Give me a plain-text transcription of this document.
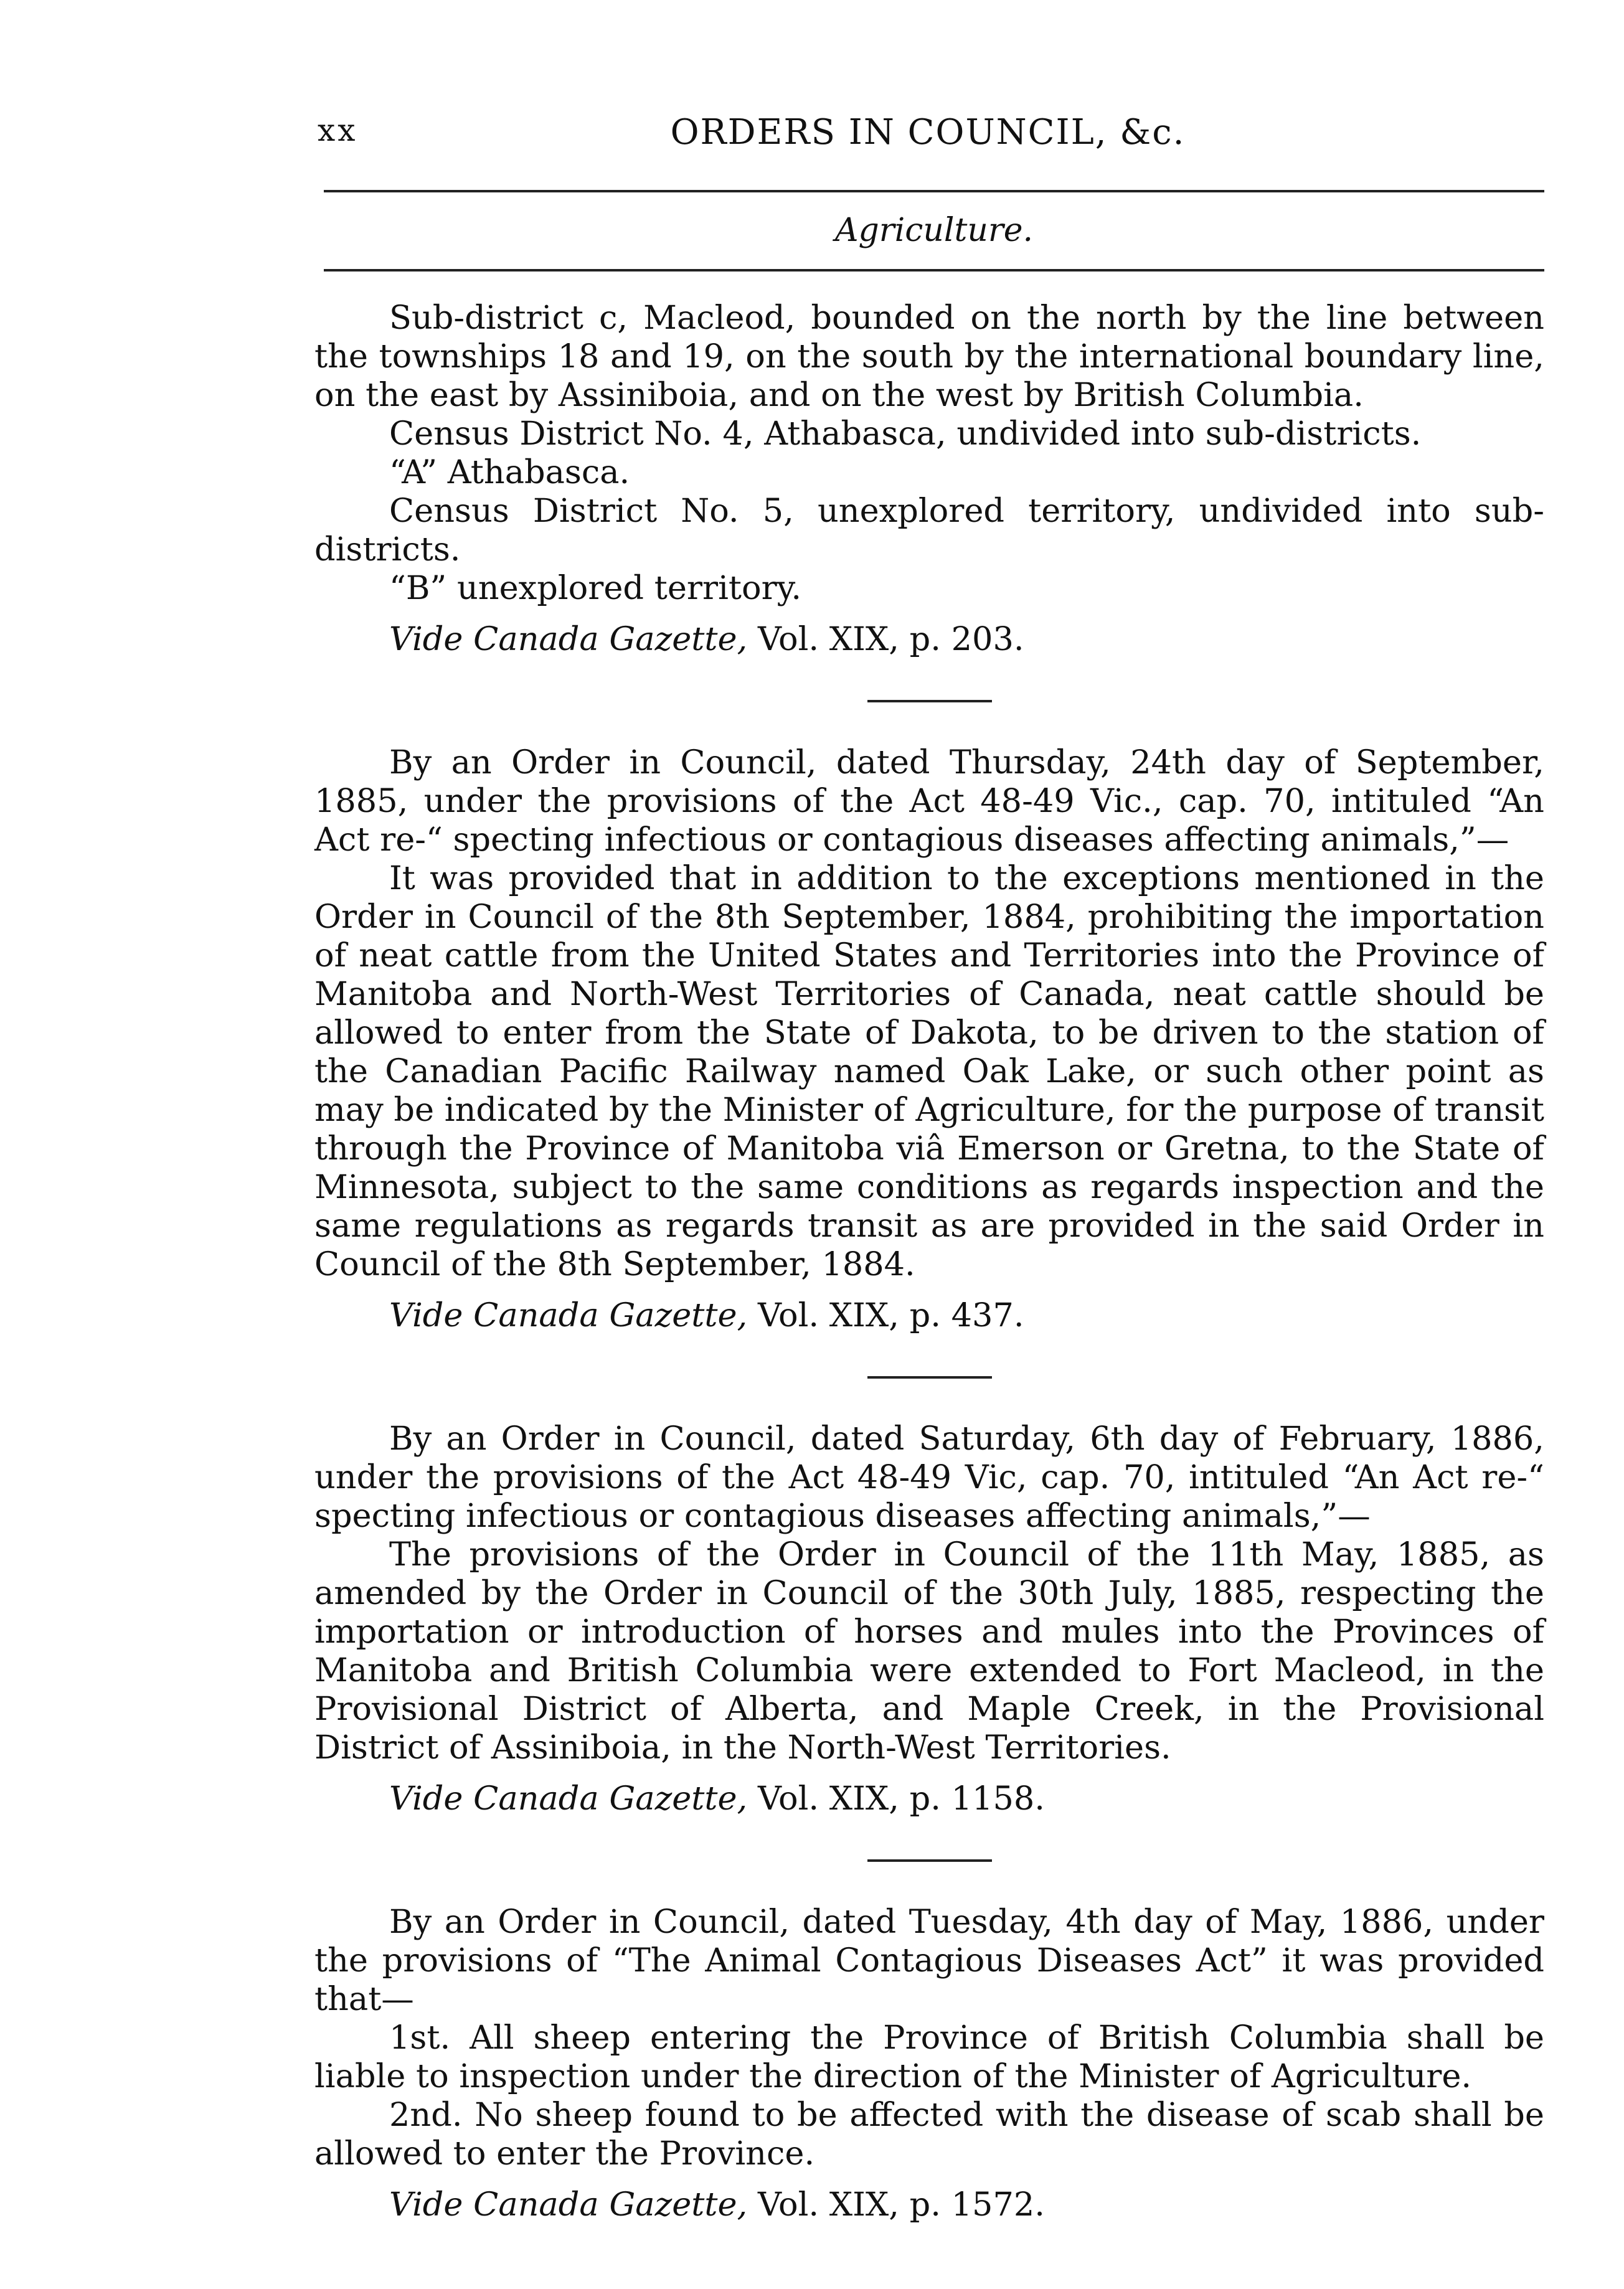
xx	ORDERS IN COUNCIL, &c.
Agriculture.

Sub-district c, Macleod, bounded on the north by the line between the townships 18 and 19, on the south by the international boundary line, on the east by Assiniboia, and on the west by British Columbia.

Census District No. 4, Athabasca, undivided into sub-districts.

“A” Athabasca.

Census District No. 5, unexplored territory, undivided into sub-districts.

“B” unexplored territory.

Vide Canada Gazette, Vol. XIX, p. 203.

By an Order in Council, dated Thursday, 24th day of September, 1885, under the provisions of the Act 48-49 Vic., cap. 70, intituled “An Act re-“ specting infectious or contagious diseases affecting animals,”—

It was provided that in addition to the exceptions mentioned in the Order in Council of the 8th September, 1884, prohibiting the importation of neat cattle from the United States and Territories into the Province of Manitoba and North-West Territories of Canada, neat cattle should be allowed to enter from the State of Dakota, to be driven to the station of the Canadian Pacific Railway named Oak Lake, or such other point as may be indicated by the Minister of Agriculture, for the purpose of transit through the Province of Manitoba viâ Emerson or Gretna, to the State of Minnesota, subject to the same conditions as regards inspection and the same regulations as regards transit as are provided in the said Order in Council of the 8th September, 1884.

Vide Canada Gazette, Vol. XIX, p. 437.

By an Order in Council, dated Saturday, 6th day of February, 1886, under the provisions of the Act 48-49 Vic, cap. 70, intituled “An Act re-“ specting infectious or contagious diseases affecting animals,”—

The provisions of the Order in Council of the 11th May, 1885, as amended by the Order in Council of the 30th July, 1885, respecting the importation or introduction of horses and mules into the Provinces of Manitoba and British Columbia were extended to Fort Macleod, in the Provisional District of Alberta, and Maple Creek, in the Provisional District of Assiniboia, in the North-West Territories.

Vide Canada Gazette, Vol. XIX, p. 1158.

By an Order in Council, dated Tuesday, 4th day of May, 1886, under the provisions of “The Animal Contagious Diseases Act” it was provided that—

1st. All sheep entering the Province of British Columbia shall be liable to inspection under the direction of the Minister of Agriculture.

2nd. No sheep found to be affected with the disease of scab shall be allowed to enter the Province.

Vide Canada Gazette, Vol. XIX, p. 1572.
